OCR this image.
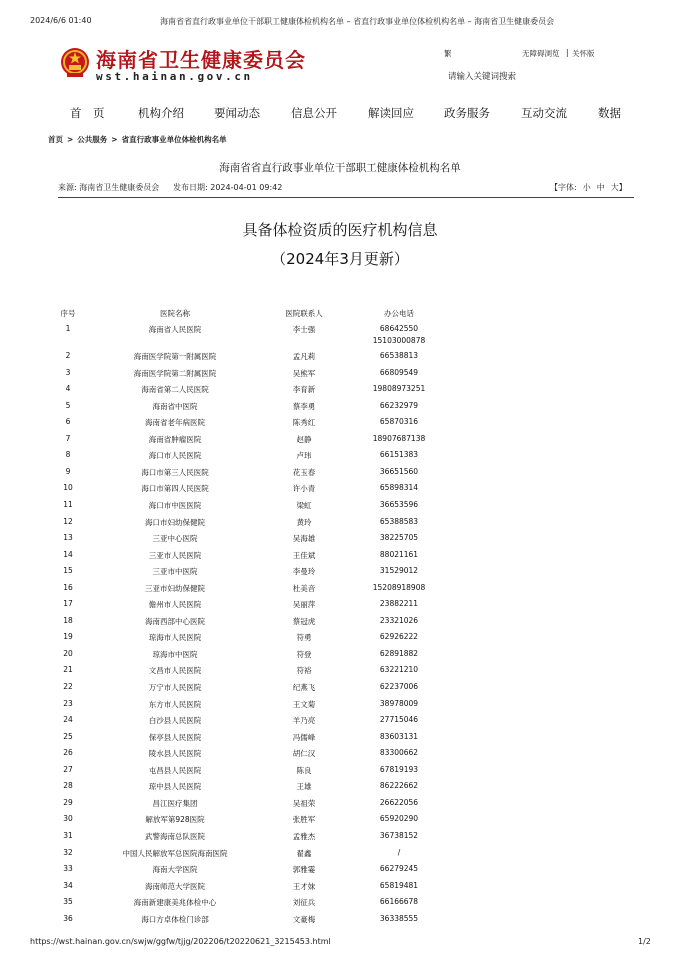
2024/6/6 01:40	海南省省直行政事业单位干部职工健康体检机构名单 – 省直行政事业单位体检机构名单 – 海南省卫生健康委员会
海南省卫生健康委员会
wst.hainan.gov.cn
繁	无障碍浏览 | 关怀版
请输入关键词搜索
首　页	机构介绍	要闻动态	信息公开	解读回应	政务服务	互动交流	数据
首页 > 公共服务 > 省直行政事业单位体检机构名单
海南省省直行政事业单位干部职工健康体检机构名单
来源: 海南省卫生健康委员会 发布日期: 2024-04-01 09:42	【字体: 小 中 大】
具备体检资质的医疗机构信息
（2024年3月更新）
序号	医院名称	医院联系人	办公电话
1	海南省人民医院	李士强	68642550
15103000878
2	海南医学院第一附属医院	孟凡莉	66538813
3	海南医学院第二附属医院	吴熊军	66809549
4	海南省第二人民医院	李育新	19808973251
5	海南省中医院	蔡李勇	66232979
6	海南省老年病医院	陈秀红	65870316
7	海南省肿瘤医院	赵静	18907687138
8	海口市人民医院	卢玮	66151383
9	海口市第三人民医院	花玉春	36651560
10	海口市第四人民医院	许小青	65898314
11	海口市中医医院	梁虹	36653596
12	海口市妇幼保健院	黄玲	65388583
13	三亚中心医院	吴海雄	38225705
14	三亚市人民医院	王佳斌	88021161
15	三亚市中医院	李曼玲	31529012
16	三亚市妇幼保健院	杜美音	15208918908
17	儋州市人民医院	吴丽萍	23882211
18	海南西部中心医院	蔡冠虎	23321026
19	琼海市人民医院	符勇	62926222
20	琼海市中医院	符登	62891882
21	文昌市人民医院	符裕	63221210
22	万宁市人民医院	纪燕飞	62237006
23	东方市人民医院	王文菊	38978009
24	白沙县人民医院	羊乃亮	27715046
25	保亭县人民医院	冯儒峰	83603131
26	陵水县人民医院	胡仁汉	83300662
27	屯昌县人民医院	陈良	67819193
28	琼中县人民医院	王雄	86222662
29	昌江医疗集团	吴祖荣	26622056
30	解放军第928医院	张胜军	65920290
31	武警海南总队医院	孟雅杰	36738152
32	中国人民解放军总医院海南医院	翟鑫	/
33	海南大学医院	郭雅霎	66279245
34	海南师范大学医院	王才妹	65819481
35	海南新建康美兆体检中心	刘征兵	66166678
36	海口方卓体检门诊部	文豪梅	36338555
https://wst.hainan.gov.cn/swjw/ggfw/tjjg/202206/t20220621_3215453.html	1/2
